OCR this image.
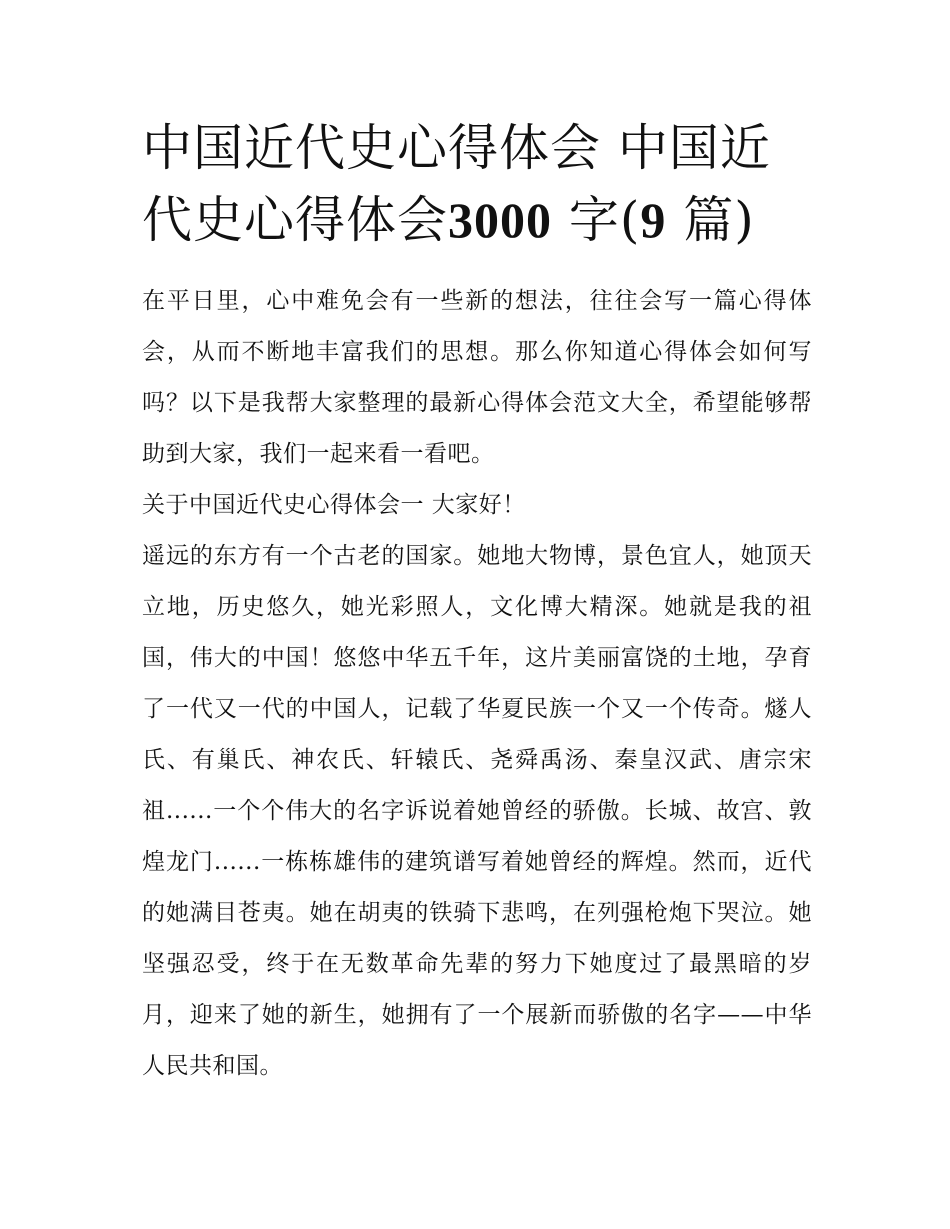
中国近代史心得体会 中国近代史心得体会3000 字(9 篇)

在平日里，心中难免会有一些新的想法，往往会写一篇心得体会，从而不断地丰富我们的思想。那么你知道心得体会如何写吗？以下是我帮大家整理的最新心得体会范文大全，希望能够帮助到大家，我们一起来看一看吧。

关于中国近代史心得体会一 大家好！

遥远的东方有一个古老的国家。她地大物博，景色宜人，她顶天立地，历史悠久，她光彩照人，文化博大精深。她就是我的祖国，伟大的中国！悠悠中华五千年，这片美丽富饶的土地，孕育了一代又一代的中国人，记载了华夏民族一个又一个传奇。燧人氏、有巢氏、神农氏、轩辕氏、尧舜禹汤、秦皇汉武、唐宗宋祖......一个个伟大的名字诉说着她曾经的骄傲。长城、故宫、敦煌龙门......一栋栋雄伟的建筑谱写着她曾经的辉煌。然而，近代的她满目苍夷。她在胡夷的铁骑下悲鸣，在列强枪炮下哭泣。她坚强忍受，终于在无数革命先辈的努力下她度过了最黑暗的岁月，迎来了她的新生，她拥有了一个展新而骄傲的名字——中华人民共和国。
